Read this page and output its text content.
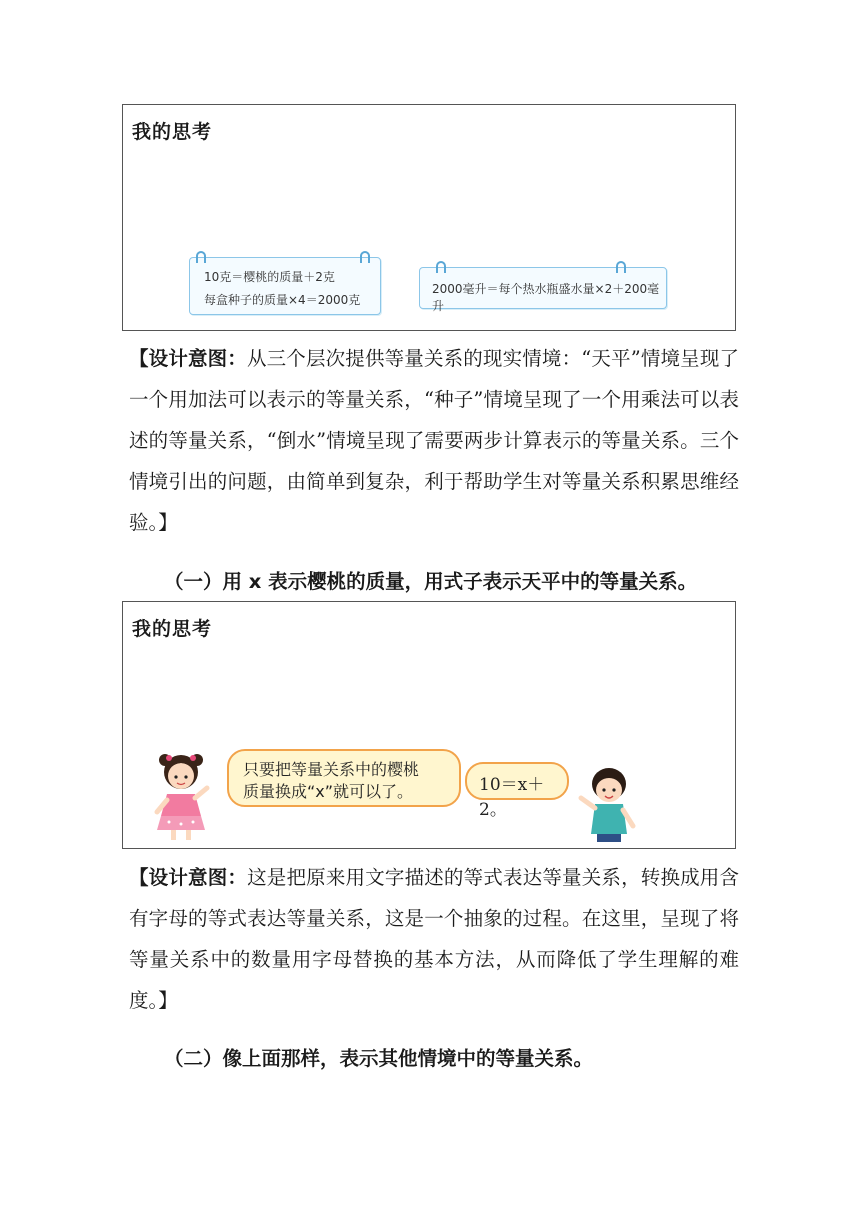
我的思考
10克＝樱桃的质量＋2克
每盒种子的质量×4＝2000克
2000毫升＝每个热水瓶盛水量×2＋200毫升
【设计意图：从三个层次提供等量关系的现实情境：“天平”情境呈现了一个用加法可以表示的等量关系，“种子”情境呈现了一个用乘法可以表述的等量关系，“倒水”情境呈现了需要两步计算表示的等量关系。三个情境引出的问题，由简单到复杂，利于帮助学生对等量关系积累思维经验。】
（一）用 x 表示樱桃的质量，用式子表示天平中的等量关系。
我的思考
只要把等量关系中的樱桃
质量换成“x”就可以了。	10＝x＋2。
【设计意图：这是把原来用文字描述的等式表达等量关系，转换成用含有字母的等式表达等量关系，这是一个抽象的过程。在这里，呈现了将等量关系中的数量用字母替换的基本方法，从而降低了学生理解的难度。】
（二）像上面那样，表示其他情境中的等量关系。
